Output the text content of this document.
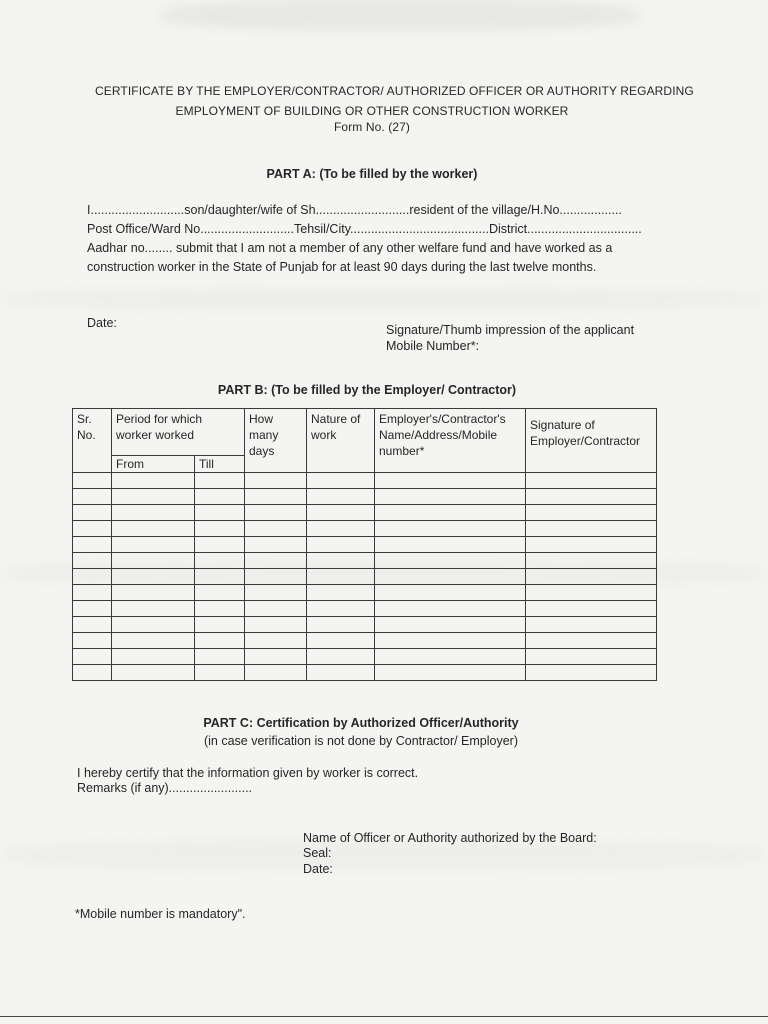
CERTIFICATE BY THE EMPLOYER/CONTRACTOR/ AUTHORIZED OFFICER OR AUTHORITY REGARDING
EMPLOYMENT OF BUILDING OR OTHER CONSTRUCTION WORKER
Form No. (27)
PART A: (To be filled by the worker)
I...........................son/daughter/wife of Sh...........................resident of the village/H.No..................
Post Office/Ward No...........................Tehsil/City........................................District.................................
Aadhar no........ submit that I am not a member of any other welfare fund and have worked as a
construction worker in the State of Punjab for at least 90 days during the last twelve months.
Date:	Signature/Thumb impression of the applicant
Mobile Number*:
PART B: (To be filled by the Employer/ Contractor)
Sr. No.	Period for which worker worked		How many days	Nature of work	Employer's/Contractor's Name/Address/Mobile number*	Signature of Employer/Contractor
	From	Till				

PART C: Certification by Authorized Officer/Authority
(in case verification is not done by Contractor/ Employer)
I hereby certify that the information given by worker is correct.
Remarks (if any)........................
Name of Officer or Authority authorized by the Board:
Seal:
Date:
*Mobile number is mandatory".
